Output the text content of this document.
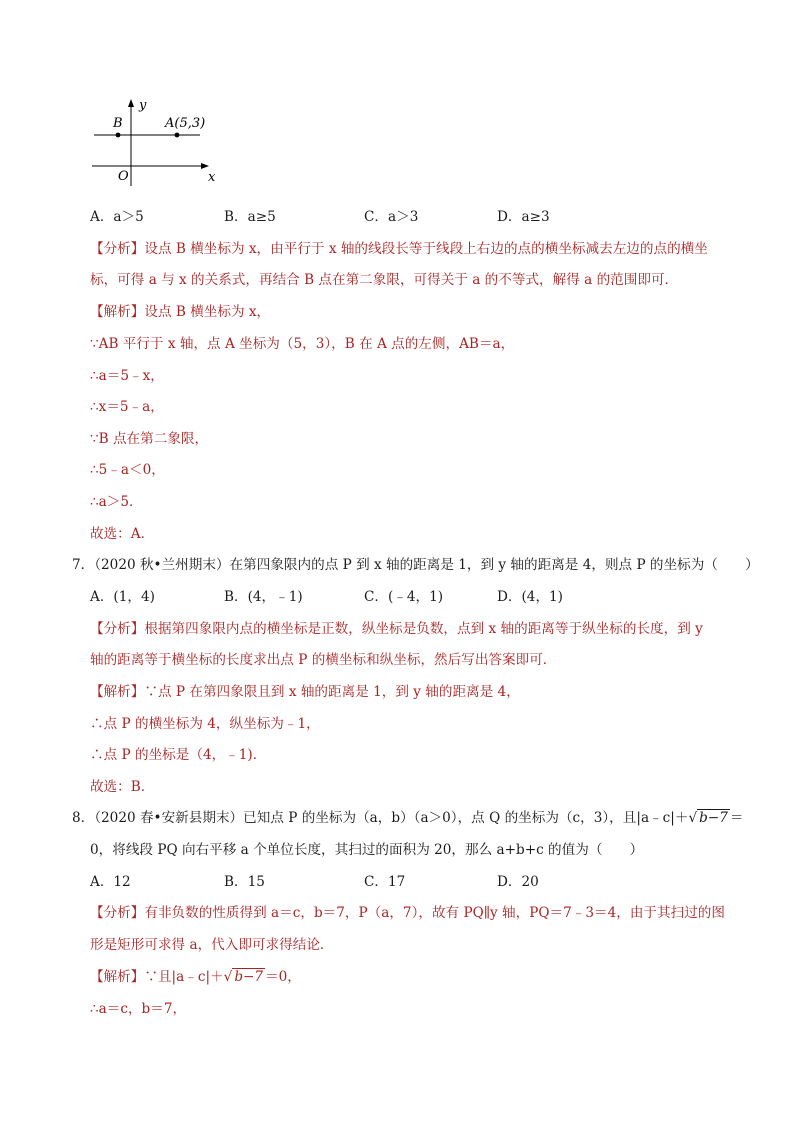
y
B	A(5,3)
O	x
A．a＞5	B．a≥5	C．a＞3	D．a≥3
【分析】设点 B 横坐标为 x，由平行于 x 轴的线段长等于线段上右边的点的横坐标减去左边的点的横坐
标，可得 a 与 x 的关系式，再结合 B 点在第二象限，可得关于 a 的不等式，解得 a 的范围即可．
【解析】设点 B 横坐标为 x，
∵AB 平行于 x 轴，点 A 坐标为（5，3），B 在 A 点的左侧，AB＝a，
∴a＝5﹣x，
∴x＝5﹣a，
∵B 点在第二象限，
∴5﹣a＜0，
∴a＞5．
故选：A．
7．（2020 秋•兰州期末）在第四象限内的点 P 到 x 轴的距离是 1，到 y 轴的距离是 4，则点 P 的坐标为（　　）
A．(1，4)	B．(4，﹣1)	C．(﹣4，1)	D．(4，1)
【分析】根据第四象限内点的横坐标是正数，纵坐标是负数，点到 x 轴的距离等于纵坐标的长度，到 y
轴的距离等于横坐标的长度求出点 P 的横坐标和纵坐标，然后写出答案即可．
【解析】∵点 P 在第四象限且到 x 轴的距离是 1，到 y 轴的距离是 4，
∴点 P 的横坐标为 4，纵坐标为﹣1，
∴点 P 的坐标是（4，﹣1)．
故选：B．
8．（2020 春•安新县期末）已知点 P 的坐标为（a，b）（a＞0），点 Q 的坐标为（c，3），且|a﹣c|＋√ b−7 ＝
0，将线段 PQ 向右平移 a 个单位长度，其扫过的面积为 20，那么 a+b+c 的值为（　　）
A．12	B．15	C．17	D．20
【分析】有非负数的性质得到 a＝c，b＝7，P（a，7），故有 PQ∥y 轴，PQ＝7﹣3＝4，由于其扫过的图
形是矩形可求得 a，代入即可求得结论．
【解析】∵且|a﹣c|＋√ b−7 ＝0，
∴a＝c，b＝7，
